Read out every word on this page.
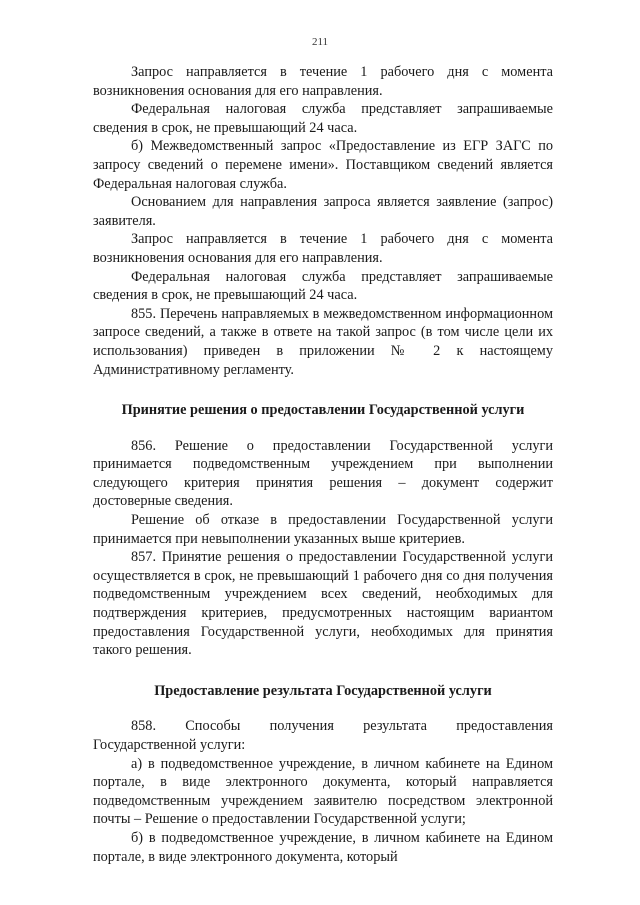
211

Запрос направляется в течение 1 рабочего дня с момента возникновения основания для его направления.

Федеральная налоговая служба представляет запрашиваемые сведения в срок, не превышающий 24 часа.

б) Межведомственный запрос «Предоставление из ЕГР ЗАГС по запросу сведений о перемене имени». Поставщиком сведений является Федеральная налоговая служба.

Основанием для направления запроса является заявление (запрос) заявителя.

Запрос направляется в течение 1 рабочего дня с момента возникновения основания для его направления.

Федеральная налоговая служба представляет запрашиваемые сведения в срок, не превышающий 24 часа.

855. Перечень направляемых в межведомственном информационном запросе сведений, а также в ответе на такой запрос (в том числе цели их использования) приведен в приложении № 2 к настоящему Административному регламенту.

Принятие решения о предоставлении Государственной услуги

856. Решение о предоставлении Государственной услуги принимается подведомственным учреждением при выполнении следующего критерия принятия решения – документ содержит достоверные сведения.

Решение об отказе в предоставлении Государственной услуги принимается при невыполнении указанных выше критериев.

857. Принятие решения о предоставлении Государственной услуги осуществляется в срок, не превышающий 1 рабочего дня со дня получения подведомственным учреждением всех сведений, необходимых для подтверждения критериев, предусмотренных настоящим вариантом предоставления Государственной услуги, необходимых для принятия такого решения.

Предоставление результата Государственной услуги

858. Способы получения результата предоставления Государственной услуги:

а) в подведомственное учреждение, в личном кабинете на Едином портале, в виде электронного документа, который направляется подведомственным учреждением заявителю посредством электронной почты – Решение о предоставлении Государственной услуги;

б) в подведомственное учреждение, в личном кабинете на Едином портале, в виде электронного документа, который
